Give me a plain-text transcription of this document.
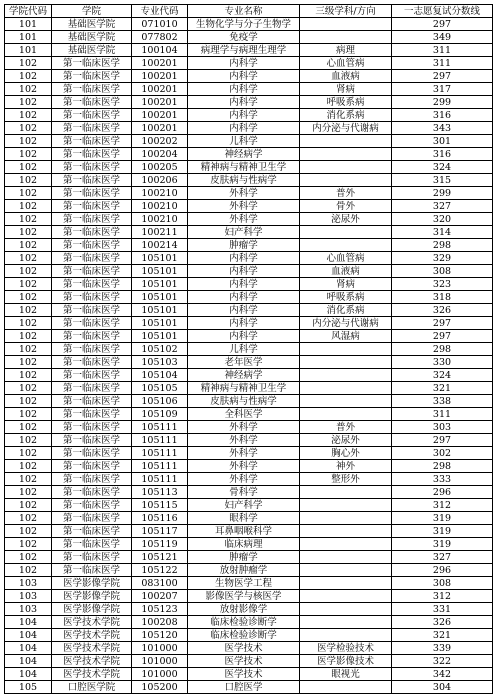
学院代码	学院	专业代码	专业名称	三级学科/方向	一志愿复试分数线
101	基础医学院	071010	生物化学与分子生物学		297
101	基础医学院	077802	免疫学		349
101	基础医学院	100104	病理学与病理生理学	病理	311
102	第一临床医学	100201	内科学	心血管病	311
102	第一临床医学	100201	内科学	血液病	297
102	第一临床医学	100201	内科学	肾病	317
102	第一临床医学	100201	内科学	呼吸系病	299
102	第一临床医学	100201	内科学	消化系病	316
102	第一临床医学	100201	内科学	内分泌与代谢病	343
102	第一临床医学	100202	儿科学		301
102	第一临床医学	100204	神经病学		316
102	第一临床医学	100205	精神病与精神卫生学		324
102	第一临床医学	100206	皮肤病与性病学		315
102	第一临床医学	100210	外科学	普外	299
102	第一临床医学	100210	外科学	骨外	327
102	第一临床医学	100210	外科学	泌尿外	320
102	第一临床医学	100211	妇产科学		314
102	第一临床医学	100214	肿瘤学		298
102	第一临床医学	105101	内科学	心血管病	329
102	第一临床医学	105101	内科学	血液病	308
102	第一临床医学	105101	内科学	肾病	323
102	第一临床医学	105101	内科学	呼吸系病	318
102	第一临床医学	105101	内科学	消化系病	326
102	第一临床医学	105101	内科学	内分泌与代谢病	297
102	第一临床医学	105101	内科学	风湿病	297
102	第一临床医学	105102	儿科学		298
102	第一临床医学	105103	老年医学		330
102	第一临床医学	105104	神经病学		324
102	第一临床医学	105105	精神病与精神卫生学		321
102	第一临床医学	105106	皮肤病与性病学		338
102	第一临床医学	105109	全科医学		311
102	第一临床医学	105111	外科学	普外	303
102	第一临床医学	105111	外科学	泌尿外	297
102	第一临床医学	105111	外科学	胸心外	302
102	第一临床医学	105111	外科学	神外	298
102	第一临床医学	105111	外科学	整形外	333
102	第一临床医学	105113	骨科学		296
102	第一临床医学	105115	妇产科学		312
102	第一临床医学	105116	眼科学		319
102	第一临床医学	105117	耳鼻咽喉科学		319
102	第一临床医学	105119	临床病理		319
102	第一临床医学	105121	肿瘤学		327
102	第一临床医学	105122	放射肿瘤学		296
103	医学影像学院	083100	生物医学工程		308
103	医学影像学院	100207	影像医学与核医学		312
103	医学影像学院	105123	放射影像学		331
104	医学技术学院	100208	临床检验诊断学		326
104	医学技术学院	105120	临床检验诊断学		321
104	医学技术学院	101000	医学技术	医学检验技术	339
104	医学技术学院	101000	医学技术	医学影像技术	322
104	医学技术学院	101000	医学技术	眼视光	342
105	口腔医学院	105200	口腔医学		304
